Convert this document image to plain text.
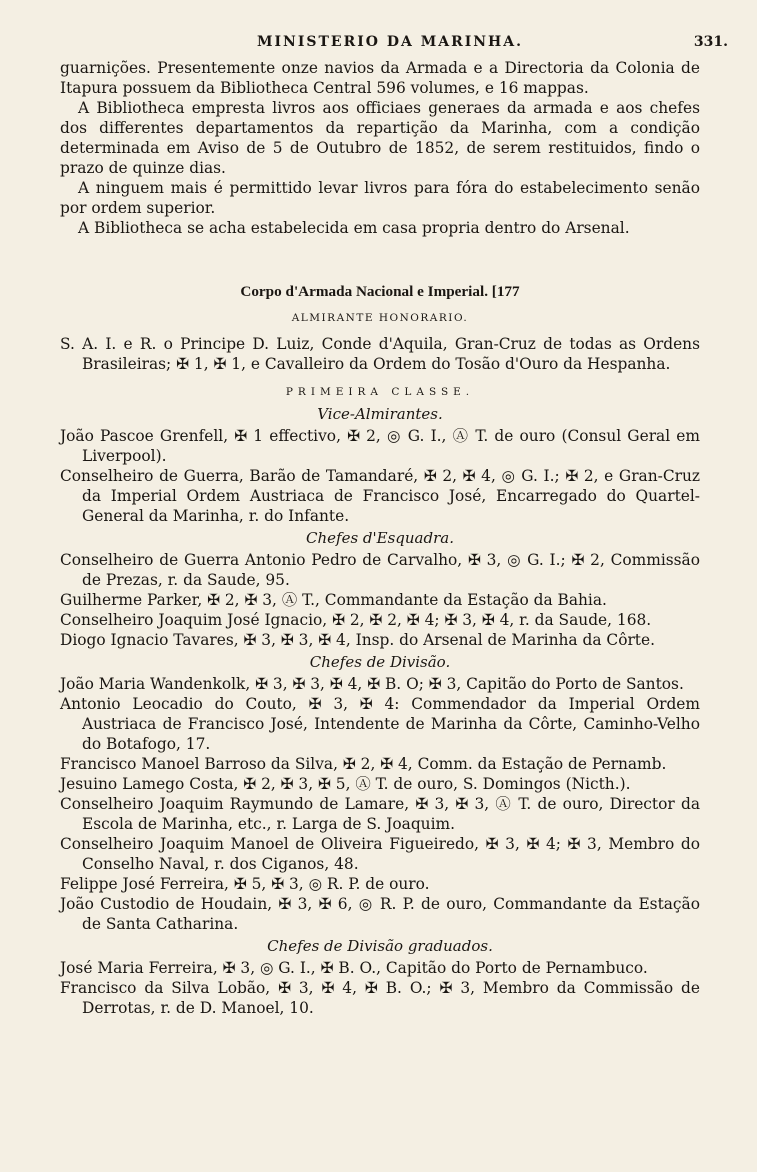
MINISTERIO DA MARINHA.	331.

guarnições. Presentemente onze navios da Armada e a Directoria da Colonia de Itapura possuem da Bibliotheca Central 596 volumes, e 16 mappas.

A Bibliotheca empresta livros aos officiaes generaes da armada e aos chefes dos differentes departamentos da repartição da Marinha, com a condição determinada em Aviso de 5 de Outubro de 1852, de serem restituidos, findo o prazo de quinze dias.

A ninguem mais é permittido levar livros para fóra do estabelecimento senão por ordem superior.

A Bibliotheca se acha estabelecida em casa propria dentro do Arsenal.

Corpo d'Armada Nacional e Imperial. [177
ALMIRANTE HONORARIO.

S. A. I. e R. o Principe D. Luiz, Conde d'Aquila, Gran-Cruz de todas as Ordens Brasileiras; ✠ 1, ✠ 1, e Cavalleiro da Ordem do Tosão d'Ouro da Hespanha.

PRIMEIRA CLASSE.
Vice-Almirantes.

João Pascoe Grenfell, ✠ 1 effectivo, ✠ 2, ◎ G. I., Ⓐ T. de ouro (Consul Geral em Liverpool).

Conselheiro de Guerra, Barão de Tamandaré, ✠ 2, ✠ 4, ◎ G. I.; ✠ 2, e Gran-Cruz da Imperial Ordem Austriaca de Francisco José, Encarregado do Quartel-General da Marinha, r. do Infante.

Chefes d'Esquadra.

Conselheiro de Guerra Antonio Pedro de Carvalho, ✠ 3, ◎ G. I.; ✠ 2, Commissão de Prezas, r. da Saude, 95.

Guilherme Parker, ✠ 2, ✠ 3, Ⓐ T., Commandante da Estação da Bahia.

Conselheiro Joaquim José Ignacio, ✠ 2, ✠ 2, ✠ 4; ✠ 3, ✠ 4, r. da Saude, 168.

Diogo Ignacio Tavares, ✠ 3, ✠ 3, ✠ 4, Insp. do Arsenal de Marinha da Côrte.

Chefes de Divisão.

João Maria Wandenkolk, ✠ 3, ✠ 3, ✠ 4, ✠ B. O; ✠ 3, Capitão do Porto de Santos.

Antonio Leocadio do Couto, ✠ 3, ✠ 4: Commendador da Imperial Ordem Austriaca de Francisco José, Intendente de Marinha da Côrte, Caminho-Velho do Botafogo, 17.

Francisco Manoel Barroso da Silva, ✠ 2, ✠ 4, Comm. da Estação de Pernamb.

Jesuino Lamego Costa, ✠ 2, ✠ 3, ✠ 5, Ⓐ T. de ouro, S. Domingos (Nicth.).

Conselheiro Joaquim Raymundo de Lamare, ✠ 3, ✠ 3, Ⓐ T. de ouro, Director da Escola de Marinha, etc., r. Larga de S. Joaquim.

Conselheiro Joaquim Manoel de Oliveira Figueiredo, ✠ 3, ✠ 4; ✠ 3, Membro do Conselho Naval, r. dos Ciganos, 48.

Felippe José Ferreira, ✠ 5, ✠ 3, ◎ R. P. de ouro.

João Custodio de Houdain, ✠ 3, ✠ 6, ◎ R. P. de ouro, Commandante da Estação de Santa Catharina.

Chefes de Divisão graduados.

José Maria Ferreira, ✠ 3, ◎ G. I., ✠ B. O., Capitão do Porto de Pernambuco.

Francisco da Silva Lobão, ✠ 3, ✠ 4, ✠ B. O.; ✠ 3, Membro da Commissão de Derrotas, r. de D. Manoel, 10.
